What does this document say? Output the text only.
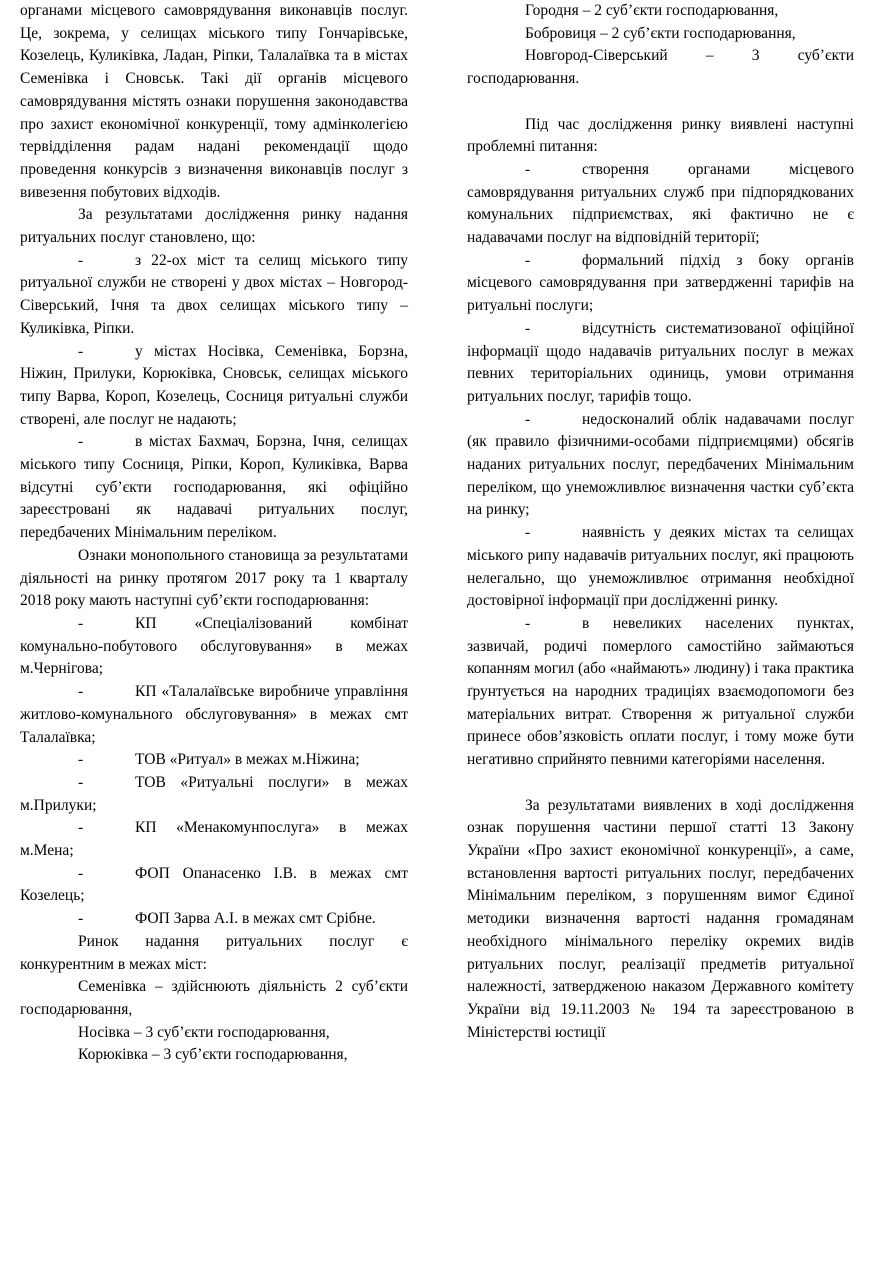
органами місцевого самоврядування виконавців послуг. Це, зокрема, у селищах міського типу Гончарівське, Козелець, Куликівка, Ладан, Ріпки, Талалаївка та в містах Семенівка і Сновськ. Такі дії органів місцевого самоврядування містять ознаки порушення законодавства про захист економічної конкуренції, тому адмінколегією тервідділення радам надані рекомендації щодо проведення конкурсів з визначення виконавців послуг з вивезення побутових відходів.

За результатами дослідження ринку надання ритуальних послуг становлено, що:

-	з 22-ох міст та селищ міського типу ритуальної служби не створені у двох містах – Новгород-Сіверський, Ічня та двох селищах міського типу – Куликівка, Ріпки.

-	у містах Носівка, Семенівка, Борзна, Ніжин, Прилуки, Корюківка, Сновськ, селищах міського типу Варва, Короп, Козелець, Сосниця ритуальні служби створені, але послуг не надають;

-	в містах Бахмач, Борзна, Ічня, селищах міського типу Сосниця, Ріпки, Короп, Куликівка, Варва відсутні суб’єкти господарювання, які офіційно зареєстровані як надавачі ритуальних послуг, передбачених Мінімальним переліком.

Ознаки монопольного становища за результатами діяльності на ринку протягом 2017 року та 1 кварталу 2018 року мають наступні суб’єкти господарювання:

-	КП «Спеціалізований комбінат комунально-побутового обслуговування» в межах м.Чернігова;

-	КП «Талалаївське виробниче управління житлово-комунального обслуговування» в межах смт Талалаївка;

-	ТОВ «Ритуал» в межах м.Ніжина;

-	ТОВ «Ритуальні послуги» в межах м.Прилуки;

-	КП «Менакомунпослуга» в межах м.Мена;

-	ФОП Опанасенко І.В. в межах смт Козелець;

-	ФОП Зарва А.І. в межах смт Срібне.

Ринок надання ритуальних послуг є конкурентним в межах міст:

Семенівка – здійснюють діяльність 2 суб’єкти господарювання,

Носівка – 3 суб’єкти господарювання,

Корюківка – 3 суб’єкти господарювання,

Городня – 2 суб’єкти господарювання,

Бобровиця – 2 суб’єкти господарювання,

Новгород-Сіверський – 3 суб’єкти господарювання.

Під час дослідження ринку виявлені наступні проблемні питання:

-	створення органами місцевого самоврядування ритуальних служб при підпорядкованих комунальних підприємствах, які фактично не є надавачами послуг на відповідній території;

-	формальний підхід з боку органів місцевого самоврядування при затвердженні тарифів на ритуальні послуги;

-	відсутність систематизованої офіційної інформації щодо надавачів ритуальних послуг в межах певних територіальних одиниць, умови отримання ритуальних послуг, тарифів тощо.

-	недосконалий облік надавачами послуг (як правило фізичними-особами підприємцями) обсягів наданих ритуальних послуг, передбачених Мінімальним переліком, що унеможливлює визначення частки суб’єкта на ринку;

-	наявність у деяких містах та селищах міського рипу надавачів ритуальних послуг, які працюють нелегально, що унеможливлює отримання необхідної достовірної інформації при дослідженні ринку.

-	в невеликих населених пунктах, зазвичай, родичі померлого самостійно займаються копанням могил (або «наймають» людину) і така практика ґрунтується на народних традиціях взаємодопомоги без матеріальних витрат. Створення ж ритуальної служби принесе обов’язковість оплати послуг, і тому може бути негативно сприйнято певними категоріями населення.

За результатами виявлених в ході дослідження ознак порушення частини першої статті 13 Закону України «Про захист економічної конкуренції», а саме, встановлення вартості ритуальних послуг, передбачених Мінімальним переліком, з порушенням вимог Єдиної методики визначення вартості надання громадянам необхідного мінімального переліку окремих видів ритуальних послуг, реалізації предметів ритуальної належності, затвердженою наказом Державного комітету України від 19.11.2003 № 194 та зареєстрованою в Міністерстві юстиції
